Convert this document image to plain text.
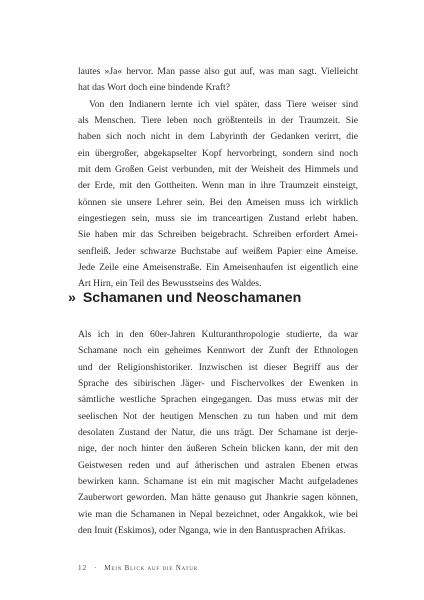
lautes »Ja« hervor. Man passe also gut auf, was man sagt. Vielleicht
hat das Wort doch eine bindende Kraft?
Von den Indianern lernte ich viel später, dass Tiere weiser sind
als Menschen. Tiere leben noch größtenteils in der Traumzeit. Sie
haben sich noch nicht in dem Labyrinth der Gedanken verirrt, die
ein übergroßer, abgekapselter Kopf hervorbringt, sondern sind noch
mit dem Großen Geist verbunden, mit der Weisheit des Himmels und
der Erde, mit den Gottheiten. Wenn man in ihre Traumzeit einsteigt,
können sie unsere Lehrer sein. Bei den Ameisen muss ich wirklich
eingestiegen sein, muss sie im tranceartigen Zustand erlebt haben.
Sie haben mir das Schreiben beigebracht. Schreiben erfordert Amei-
senfleiß. Jeder schwarze Buchstabe auf weißem Papier eine Ameise.
Jede Zeile eine Ameisenstraße. Ein Ameisenhaufen ist eigentlich eine
Art Hirn, ein Teil des Bewusstseins des Waldes.
» Schamanen und Neoschamanen
Als ich in den 60er-Jahren Kulturanthropologie studierte, da war
Schamane noch ein geheimes Kennwort der Zunft der Ethnologen
und der Religionshistoriker. Inzwischen ist dieser Begriff aus der
Sprache des sibirischen Jäger- und Fischervolkes der Ewenken in
sämtliche westliche Sprachen eingegangen. Das muss etwas mit der
seelischen Not der heutigen Menschen zu tun haben und mit dem
desolaten Zustand der Natur, die uns trägt. Der Schamane ist derje-
nige, der noch hinter den äußeren Schein blicken kann, der mit den
Geistwesen reden und auf ätherischen und astralen Ebenen etwas
bewirken kann. Schamane ist ein mit magischer Macht aufgeladenes
Zauberwort geworden. Man hätte genauso gut Jhankrie sagen können,
wie man die Schamanen in Nepal bezeichnet, oder Angakkok, wie bei
den Inuit (Eskimos), oder Nganga, wie in den Bantusprachen Afrikas.
12 · Mein Blick auf die Natur
